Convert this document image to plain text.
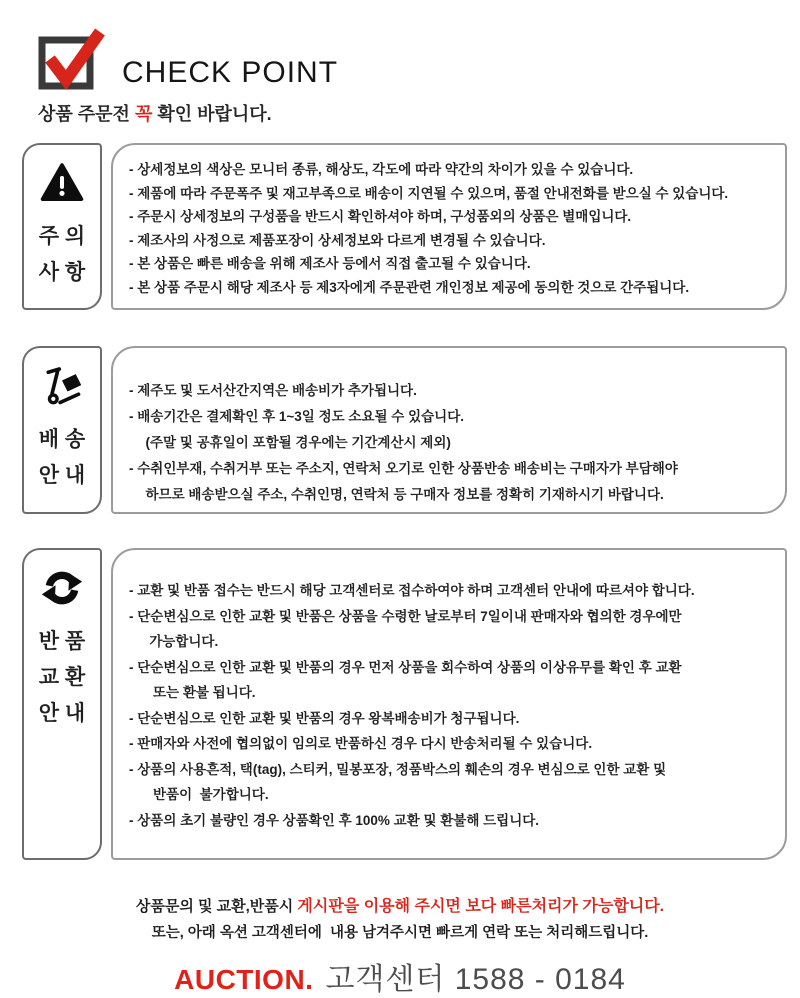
CHECK POINT
상품 주문전 꼭 확인 바랍니다.
주 의
사 항
- 상세정보의 색상은 모니터 종류, 해상도, 각도에 따라 약간의 차이가 있을 수 있습니다.
- 제품에 따라 주문폭주 및 재고부족으로 배송이 지연될 수 있으며, 품절 안내전화를 받으실 수 있습니다.
- 주문시 상세정보의 구성품을 반드시 확인하셔야 하며, 구성품외의 상품은 별매입니다.
- 제조사의 사정으로 제품포장이 상세정보와 다르게 변경될 수 있습니다.
- 본 상품은 빠른 배송을 위해 제조사 등에서 직접 출고될 수 있습니다.
- 본 상품 주문시 해당 제조사 등 제3자에게 주문관련 개인정보 제공에 동의한 것으로 간주됩니다.
배 송
안 내
- 제주도 및 도서산간지역은 배송비가 추가됩니다.
- 배송기간은 결제확인 후 1~3일 정도 소요될 수 있습니다.
(주말 및 공휴일이 포함될 경우에는 기간계산시 제외)
- 수취인부재, 수취거부 또는 주소지, 연락처 오기로 인한 상품반송 배송비는 구매자가 부담해야
하므로 배송받으실 주소, 수취인명, 연락처 등 구매자 정보를 정확히 기재하시기 바랍니다.
반 품
교 환
안 내
- 교환 및 반품 접수는 반드시 해당 고객센터로 접수하여야 하며 고객센터 안내에 따르셔야 합니다.
- 단순변심으로 인한 교환 및 반품은 상품을 수령한 날로부터 7일이내 판매자와 협의한 경우에만
가능합니다.
- 단순변심으로 인한 교환 및 반품의 경우 먼저 상품을 회수하여 상품의 이상유무를 확인 후 교환
또는 환불 됩니다.
- 단순변심으로 인한 교환 및 반품의 경우 왕복배송비가 청구됩니다.
- 판매자와 사전에 협의없이 임의로 반품하신 경우 다시 반송처리될 수 있습니다.
- 상품의 사용흔적, 택(tag), 스티커, 밀봉포장, 정품박스의 훼손의 경우 변심으로 인한 교환 및
반품이  불가합니다.
- 상품의 초기 불량인 경우 상품확인 후 100% 교환 및 환불해 드립니다.
상품문의 및 교환,반품시 게시판을 이용해 주시면 보다 빠른처리가 가능합니다.
또는, 아래 옥션 고객센터에  내용 남겨주시면 빠르게 연락 또는 처리해드립니다.
AUCTION. 고객센터 1588 - 0184
